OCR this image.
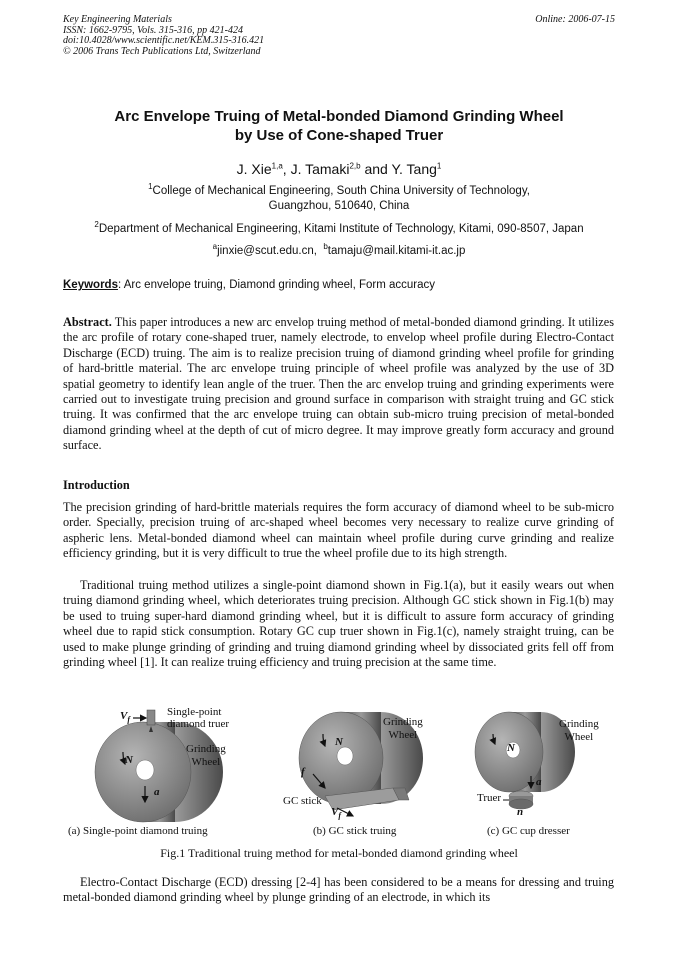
Key Engineering Materials
ISSN: 1662-9795, Vols. 315-316, pp 421-424
doi:10.4028/www.scientific.net/KEM.315-316.421
© 2006 Trans Tech Publications Ltd, Switzerland
Online: 2006-07-15
Arc Envelope Truing of Metal-bonded Diamond Grinding Wheel
by Use of Cone-shaped Truer
J. Xie$^{1,a}$, J. Tamaki$^{2,b}$ and Y. Tang$^1$
$^1$College of Mechanical Engineering, South China University of Technology,
Guangzhou, 510640, China
$^2$Department of Mechanical Engineering, Kitami Institute of Technology, Kitami, 090-8507, Japan
$^a$jinxie@scut.edu.cn, $^b$tamaju@mail.kitami-it.ac.jp
Keywords: Arc envelope truing, Diamond grinding wheel, Form accuracy

Abstract. This paper introduces a new arc envelop truing method of metal-bonded diamond grinding. It utilizes the arc profile of rotary cone-shaped truer, namely electrode, to envelop wheel profile during Electro-Contact Discharge (ECD) truing. The aim is to realize precision truing of diamond grinding wheel profile for grinding of hard-brittle material. The arc envelope truing principle of wheel profile was analyzed by the use of 3D spatial geometry to identify lean angle of the truer. Then the arc envelop truing and grinding experiments were carried out to investigate truing precision and ground surface in comparison with straight truing and GC stick truing. It was confirmed that the arc envelope truing can obtain sub-micro truing precision of metal-bonded diamond grinding wheel at the depth of cut of micro degree. It may improve greatly form accuracy and ground surface.

Introduction

The precision grinding of hard-brittle materials requires the form accuracy of diamond wheel to be sub-micro order. Specially, precision truing of arc-shaped wheel becomes very necessary to realize curve grinding of aspheric lens. Metal-bonded diamond wheel can maintain wheel profile during curve grinding and realize efficiency grinding, but it is very difficult to true the wheel profile due to its high strength.

Traditional truing method utilizes a single-point diamond shown in Fig.1(a), but it easily wears out when truing diamond grinding wheel, which deteriorates truing precision. Although GC stick shown in Fig.1(b) may be used to truing super-hard diamond grinding wheel, but it is difficult to assure form accuracy of grinding wheel due to rapid stick consumption. Rotary GC cup truer shown in Fig.1(c), namely straight truing, can be used to make plunge grinding of grinding and truing diamond grinding wheel by dissociated grits fell off from grinding wheel [1]. It can realize truing efficiency and truing precision at the same time.

$V_f$
Single-point
diamond truer
Grinding
Wheel
N
a
(a) Single-point diamond truing
Grinding
Wheel
N
f
GC stick
$V_f$
(b) GC stick truing
Grinding
Wheel
N
a
Truer
n
(c) GC cup dresser
Fig.1 Traditional truing method for metal-bonded diamond grinding wheel

Electro-Contact Discharge (ECD) dressing [2-4] has been considered to be a means for dressing and truing metal-bonded diamond grinding wheel by plunge grinding of an electrode, in which its
